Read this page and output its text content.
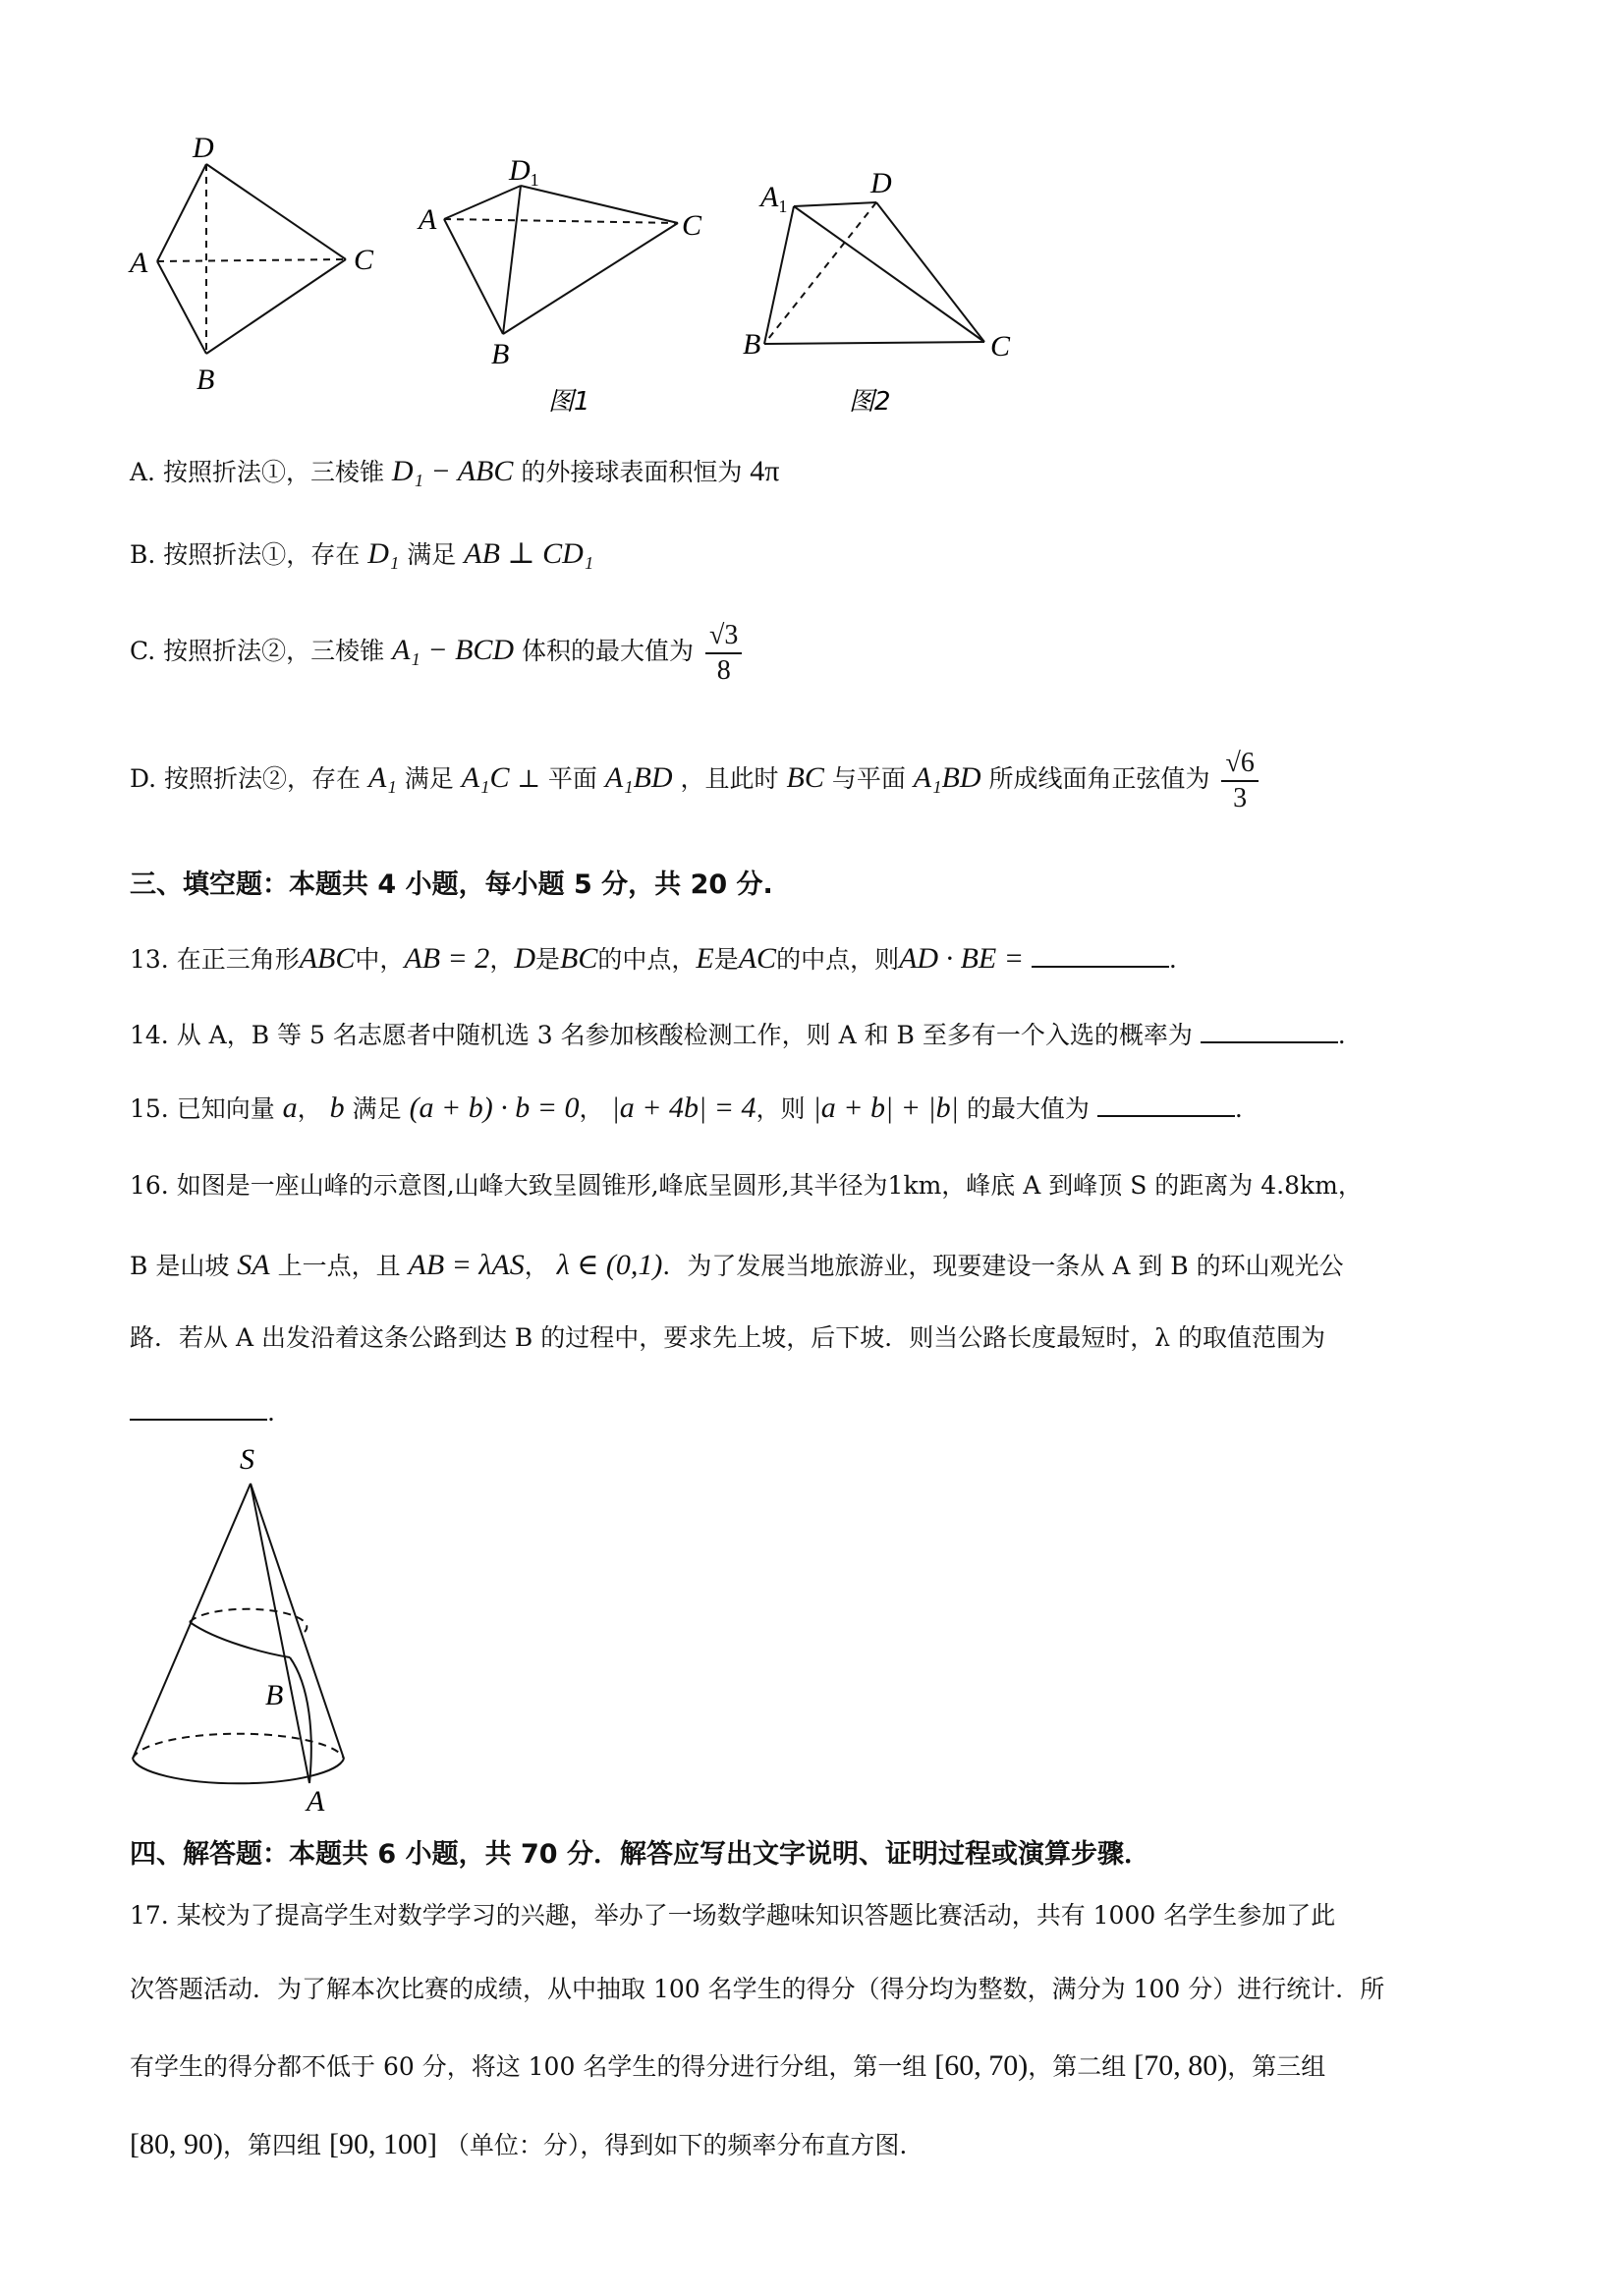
D
A	C
B
$D_1$
A	C
B
图1
$A_1$
D
B	C
图2
A. 按照折法①，三棱锥 D₁ − ABC 的外接球表面积恒为 4π
B. 按照折法①，存在 D₁ 满足 AB ⊥ CD₁
C. 按照折法②，三棱锥 A₁ − BCD 体积的最大值为 $\frac{√3}{8}$
D. 按照折法②，存在 A₁ 满足 A₁C ⊥ 平面 A₁BD ，且此时 BC 与平面 A₁BD 所成线面角正弦值为 $\frac{√6}{3}$
三、填空题：本题共 4 小题，每小题 5 分，共 20 分.
13. 在正三角形ABC中，AB = 2，D是BC的中点，E是AC的中点，则AD · BE =	.
14. 从 A，B 等 5 名志愿者中随机选 3 名参加核酸检测工作，则 A 和 B 至多有一个入选的概率为	.
15. 已知向量 a， b 满足 (a + b) · b = 0， |a + 4b| = 4，则 |a + b| + |b| 的最大值为	.
16. 如图是一座山峰的示意图,山峰大致呈圆锥形,峰底呈圆形,其半径为1km，峰底 A 到峰顶 S 的距离为 4.8km，
B 是山坡 SA 上一点，且 AB = λAS， λ ∈ (0,1)．为了发展当地旅游业，现要建设一条从 A 到 B 的环山观光公
路．若从 A 出发沿着这条公路到达 B 的过程中，要求先上坡，后下坡．则当公路长度最短时，λ 的取值范围为
.
S
B
A
四、解答题：本题共 6 小题，共 70 分．解答应写出文字说明、证明过程或演算步骤．
17. 某校为了提高学生对数学学习的兴趣，举办了一场数学趣味知识答题比赛活动，共有 1000 名学生参加了此
次答题活动．为了解本次比赛的成绩，从中抽取 100 名学生的得分（得分均为整数，满分为 100 分）进行统计．所
有学生的得分都不低于 60 分，将这 100 名学生的得分进行分组，第一组 [60, 70)，第二组 [70, 80)，第三组
[80, 90)，第四组 [90, 100] （单位：分），得到如下的频率分布直方图.
